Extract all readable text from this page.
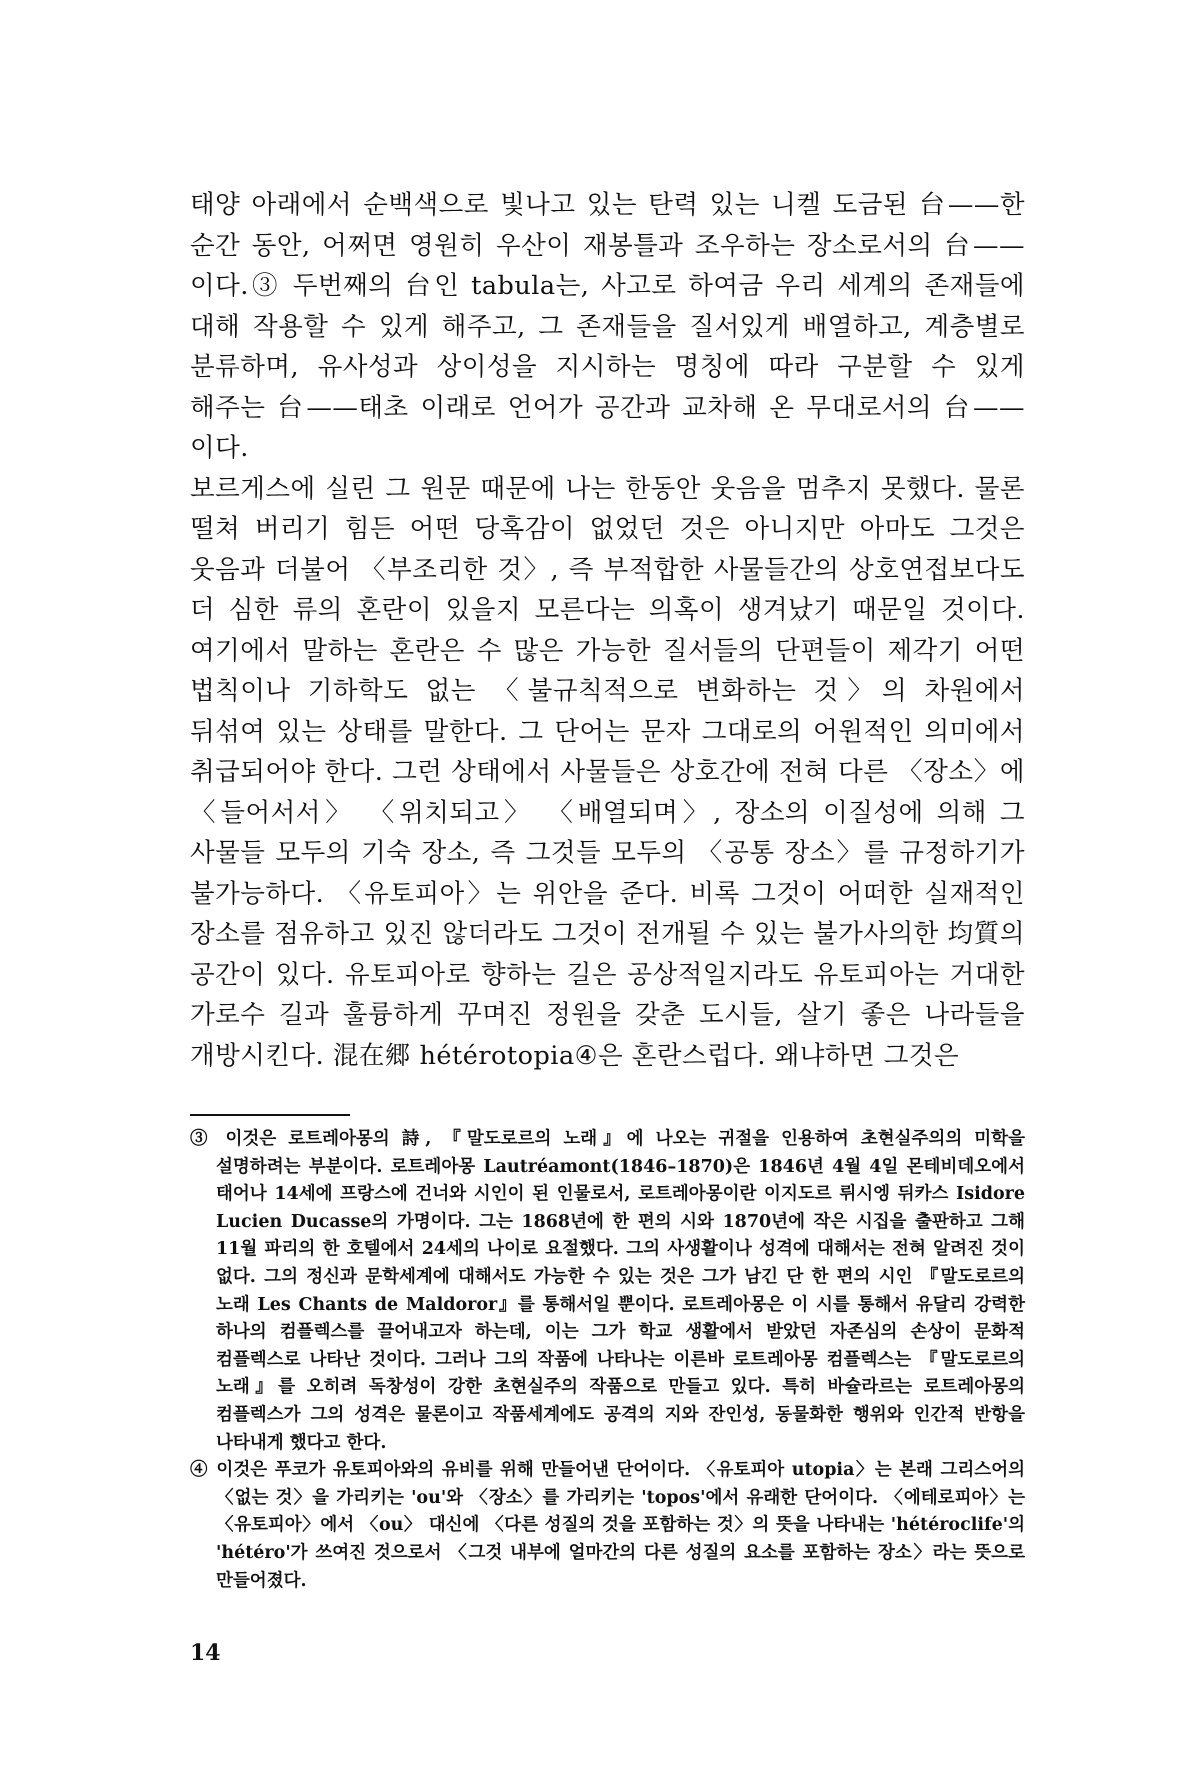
태양 아래에서 순백색으로 빛나고 있는 탄력 있는 니켈 도금된 台——한 순간 동안, 어쩌면 영원히 우산이 재봉틀과 조우하는 장소로서의 台——이다.③ 두번째의 台인 tabula는, 사고로 하여금 우리 세계의 존재들에 대해 작용할 수 있게 해주고, 그 존재들을 질서있게 배열하고, 계층별로 분류하며, 유사성과 상이성을 지시하는 명칭에 따라 구분할 수 있게 해주는 台——태초 이래로 언어가 공간과 교차해 온 무대로서의 台——이다.

보르게스에 실린 그 원문 때문에 나는 한동안 웃음을 멈추지 못했다. 물론 떨쳐 버리기 힘든 어떤 당혹감이 없었던 것은 아니지만 아마도 그것은 웃음과 더불어 〈부조리한 것〉, 즉 부적합한 사물들간의 상호연접보다도 더 심한 류의 혼란이 있을지 모른다는 의혹이 생겨났기 때문일 것이다. 여기에서 말하는 혼란은 수 많은 가능한 질서들의 단편들이 제각기 어떤 법칙이나 기하학도 없는 〈불규칙적으로 변화하는 것〉의 차원에서 뒤섞여 있는 상태를 말한다. 그 단어는 문자 그대로의 어원적인 의미에서 취급되어야 한다. 그런 상태에서 사물들은 상호간에 전혀 다른 〈장소〉에 〈들어서서〉 〈위치되고〉 〈배열되며〉, 장소의 이질성에 의해 그 사물들 모두의 기숙 장소, 즉 그것들 모두의 〈공통 장소〉를 규정하기가 불가능하다. 〈유토피아〉는 위안을 준다. 비록 그것이 어떠한 실재적인 장소를 점유하고 있진 않더라도 그것이 전개될 수 있는 불가사의한 均質의 공간이 있다. 유토피아로 향하는 길은 공상적일지라도 유토피아는 거대한 가로수 길과 훌륭하게 꾸며진 정원을 갖춘 도시들, 살기 좋은 나라들을 개방시킨다. 混在郷 hétérotopia④은 혼란스럽다. 왜냐하면 그것은

③ 이것은 로트레아몽의 詩, 『말도로르의 노래』에 나오는 귀절을 인용하여 초현실주의의 미학을 설명하려는 부분이다. 로트레아몽 Lautréamont(1846–1870)은 1846년 4월 4일 몬테비데오에서 태어나 14세에 프랑스에 건너와 시인이 된 인물로서, 로트레아몽이란 이지도르 뤼시엥 뒤카스 Isidore Lucien Ducasse의 가명이다. 그는 1868년에 한 편의 시와 1870년에 작은 시집을 출판하고 그해 11월 파리의 한 호텔에서 24세의 나이로 요절했다. 그의 사생활이나 성격에 대해서는 전혀 알려진 것이 없다. 그의 정신과 문학세계에 대해서도 가능한 수 있는 것은 그가 남긴 단 한 편의 시인 『말도로르의 노래 Les Chants de Maldoror』를 통해서일 뿐이다. 로트레아몽은 이 시를 통해서 유달리 강력한 하나의 컴플렉스를 끌어내고자 하는데, 이는 그가 학교 생활에서 받았던 자존심의 손상이 문화적 컴플렉스로 나타난 것이다. 그러나 그의 작품에 나타나는 이른바 로트레아몽 컴플렉스는 『말도로르의 노래』를 오히려 독창성이 강한 초현실주의 작품으로 만들고 있다. 특히 바슐라르는 로트레아몽의 컴플렉스가 그의 성격은 물론이고 작품세계에도 공격의 지와 잔인성, 동물화한 행위와 인간적 반항을 나타내게 했다고 한다.

④ 이것은 푸코가 유토피아와의 유비를 위해 만들어낸 단어이다. 〈유토피아 utopia〉는 본래 그리스어의 〈없는 것〉을 가리키는 'ou'와 〈장소〉를 가리키는 'topos'에서 유래한 단어이다. 〈에테로피아〉는 〈유토피아〉에서 〈ou〉 대신에 〈다른 성질의 것을 포함하는 것〉의 뜻을 나타내는 'hétéroclife'의 'hétéro'가 쓰여진 것으로서 〈그것 내부에 얼마간의 다른 성질의 요소를 포함하는 장소〉라는 뜻으로 만들어졌다.

14
